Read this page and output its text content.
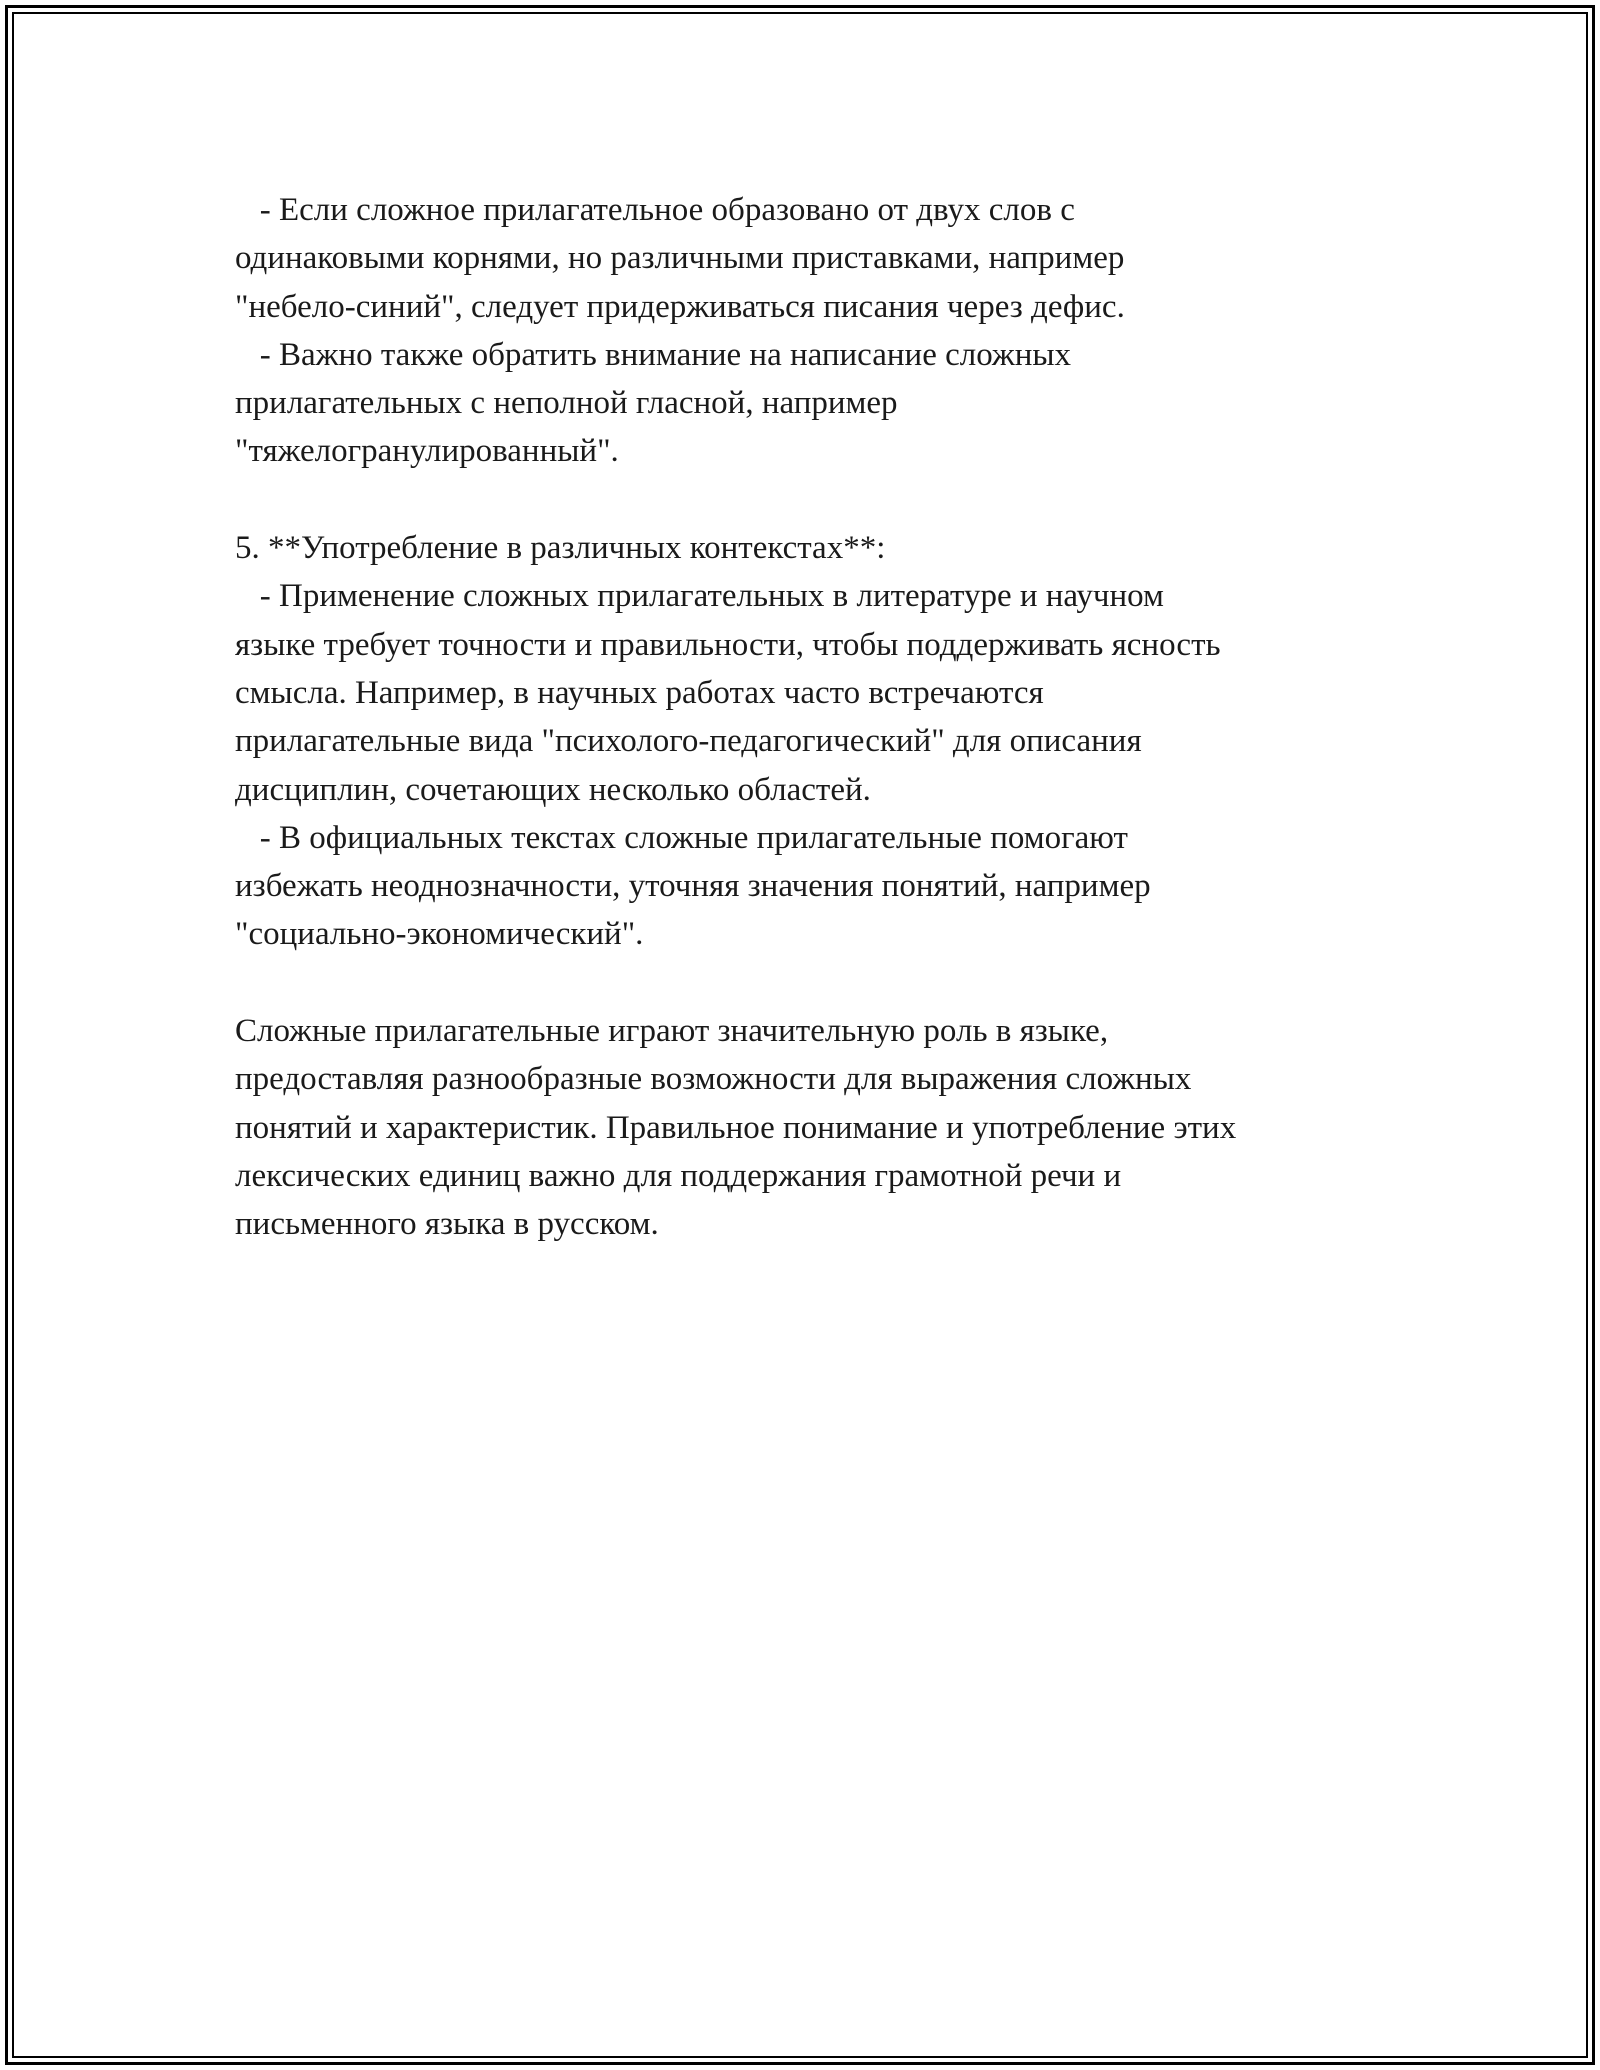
- Если сложное прилагательное образовано от двух слов с
одинаковыми корнями, но различными приставками, например
"небело-синий", следует придерживаться писания через дефис.
- Важно также обратить внимание на написание сложных
прилагательных с неполной гласной, например
"тяжелогранулированный".
5. **Употребление в различных контекстах**:
- Применение сложных прилагательных в литературе и научном
языке требует точности и правильности, чтобы поддерживать ясность
смысла. Например, в научных работах часто встречаются
прилагательные вида "психолого-педагогический" для описания
дисциплин, сочетающих несколько областей.
- В официальных текстах сложные прилагательные помогают
избежать неоднозначности, уточняя значения понятий, например
"социально-экономический".
Сложные прилагательные играют значительную роль в языке,
предоставляя разнообразные возможности для выражения сложных
понятий и характеристик. Правильное понимание и употребление этих
лексических единиц важно для поддержания грамотной речи и
письменного языка в русском.
